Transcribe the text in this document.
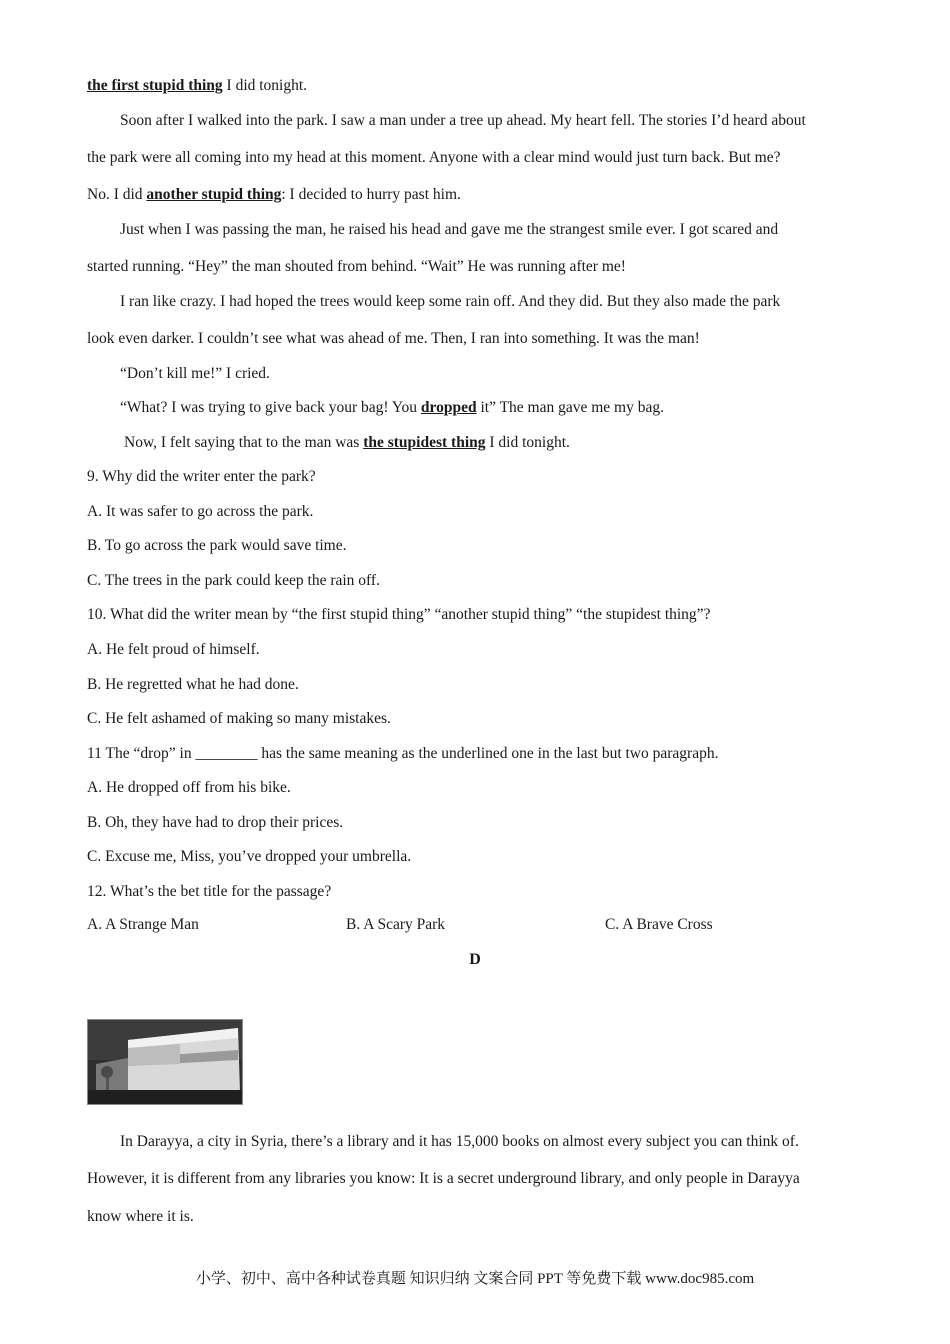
the first stupid thing I did tonight.
Soon after I walked into the park. I saw a man under a tree up ahead. My heart fell. The stories I’d heard about
the park were all coming into my head at this moment. Anyone with a clear mind would just turn back. But me?
No. I did another stupid thing: I decided to hurry past him.
Just when I was passing the man, he raised his head and gave me the strangest smile ever. I got scared and
started running. “Hey” the man shouted from behind. “Wait” He was running after me!
I ran like crazy. I had hoped the trees would keep some rain off. And they did. But they also made the park
look even darker. I couldn’t see what was ahead of me. Then, I ran into something. It was the man!
“Don’t kill me!” I cried.
“What? I was trying to give back your bag! You dropped it” The man gave me my bag.
Now, I felt saying that to the man was the stupidest thing I did tonight.
9. Why did the writer enter the park?
A. It was safer to go across the park.
B. To go across the park would save time.
C. The trees in the park could keep the rain off.
10. What did the writer mean by “the first stupid thing” “another stupid thing” “the stupidest thing”?
A. He felt proud of himself.
B. He regretted what he had done.
C. He felt ashamed of making so many mistakes.
11 The “drop” in ________ has the same meaning as the underlined one in the last but two paragraph.
A. He dropped off from his bike.
B. Oh, they have had to drop their prices.
C. Excuse me, Miss, you’ve dropped your umbrella.
12. What’s the bet title for the passage?
A. A Strange Man	B. A Scary Park	C. A Brave Cross
D
In Darayya, a city in Syria, there’s a library and it has 15,000 books on almost every subject you can think of.
However, it is different from any libraries you know: It is a secret underground library, and only people in Darayya
know where it is.
小学、初中、高中各种试卷真题 知识归纳 文案合同 PPT 等免费下载 www.doc985.com
